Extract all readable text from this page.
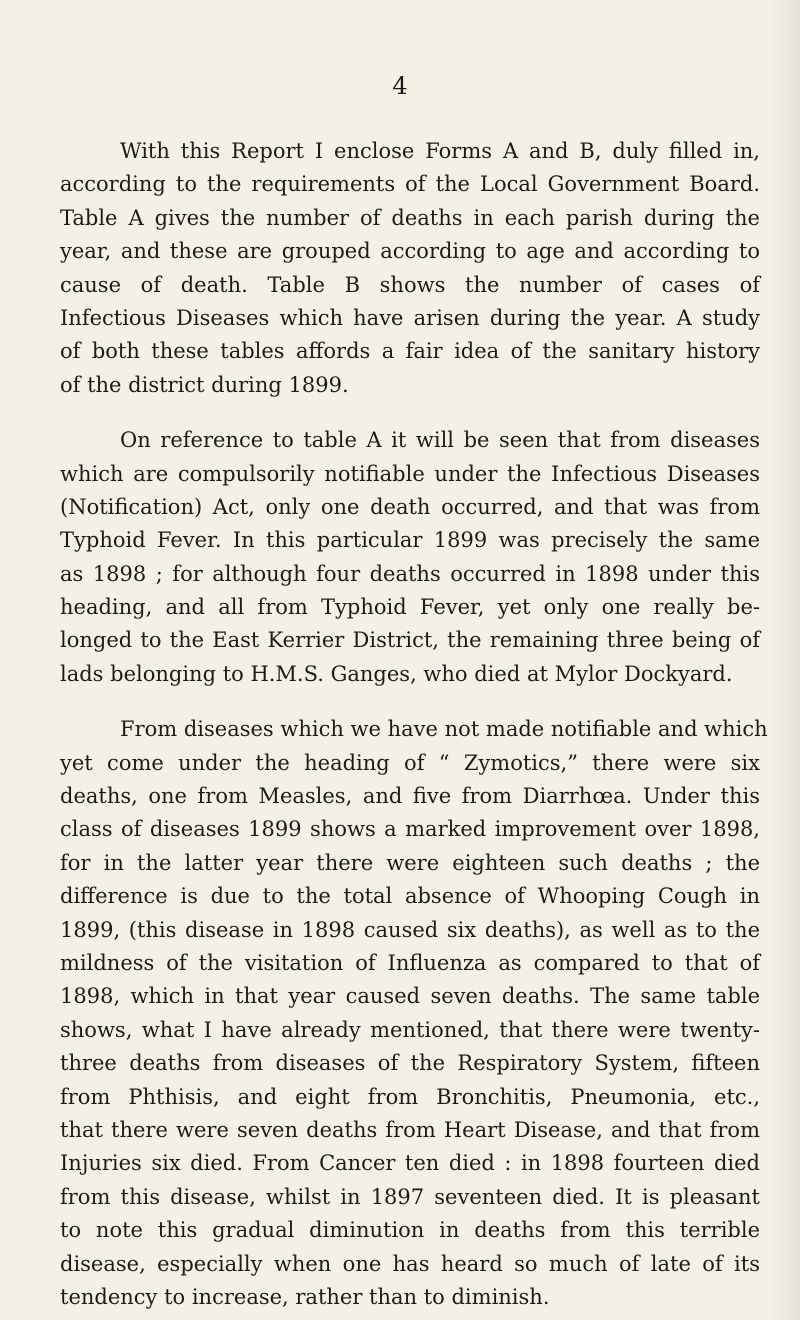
4
With this Report I enclose Forms A and B, duly filled in,
according to the requirements of the Local Government Board.
Table A gives the number of deaths in each parish during the
year, and these are grouped according to age and according to
cause of death. Table B shows the number of cases of
Infectious Diseases which have arisen during the year. A study
of both these tables affords a fair idea of the sanitary history
of the district during 1899.
On reference to table A it will be seen that from diseases
which are compulsorily notifiable under the Infectious Diseases
(Notification) Act, only one death occurred, and that was from
Typhoid Fever. In this particular 1899 was precisely the same
as 1898 ; for although four deaths occurred in 1898 under this
heading, and all from Typhoid Fever, yet only one really be-
longed to the East Kerrier District, the remaining three being of
lads belonging to H.M.S. Ganges, who died at Mylor Dockyard.
From diseases which we have not made notifiable and which
yet come under the heading of “ Zymotics,” there were six
deaths, one from Measles, and five from Diarrhœa. Under this
class of diseases 1899 shows a marked improvement over 1898,
for in the latter year there were eighteen such deaths ; the
difference is due to the total absence of Whooping Cough in
1899, (this disease in 1898 caused six deaths), as well as to the
mildness of the visitation of Influenza as compared to that of
1898, which in that year caused seven deaths. The same table
shows, what I have already mentioned, that there were twenty-
three deaths from diseases of the Respiratory System, fifteen
from Phthisis, and eight from Bronchitis, Pneumonia, etc.,
that there were seven deaths from Heart Disease, and that from
Injuries six died. From Cancer ten died : in 1898 fourteen died
from this disease, whilst in 1897 seventeen died. It is pleasant
to note this gradual diminution in deaths from this terrible
disease, especially when one has heard so much of late of its
tendency to increase, rather than to diminish.
